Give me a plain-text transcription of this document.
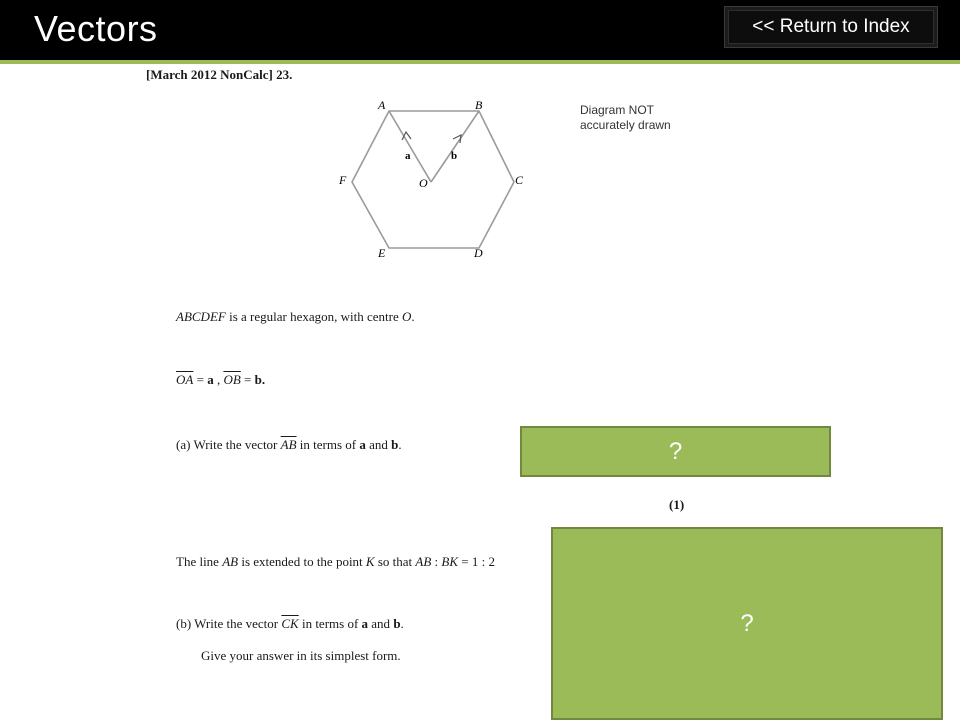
Vectors	<< Return to Index
[March 2012 NonCalc] 23.
A	B
C
D
E
F	O
a	b
Diagram NOT
accurately drawn
ABCDEF is a regular hexagon, with centre O.
$\overline{OA} = a$ , $\overline{OB} = b$.
(a) Write the vector $\overline{AB}$ in terms of a and b.	?
(1)
The line AB is extended to the point K so that AB : BK = 1 : 2
(b) Write the vector $\overline{CK}$ in terms of a and b.
Give your answer in its simplest form.
?
